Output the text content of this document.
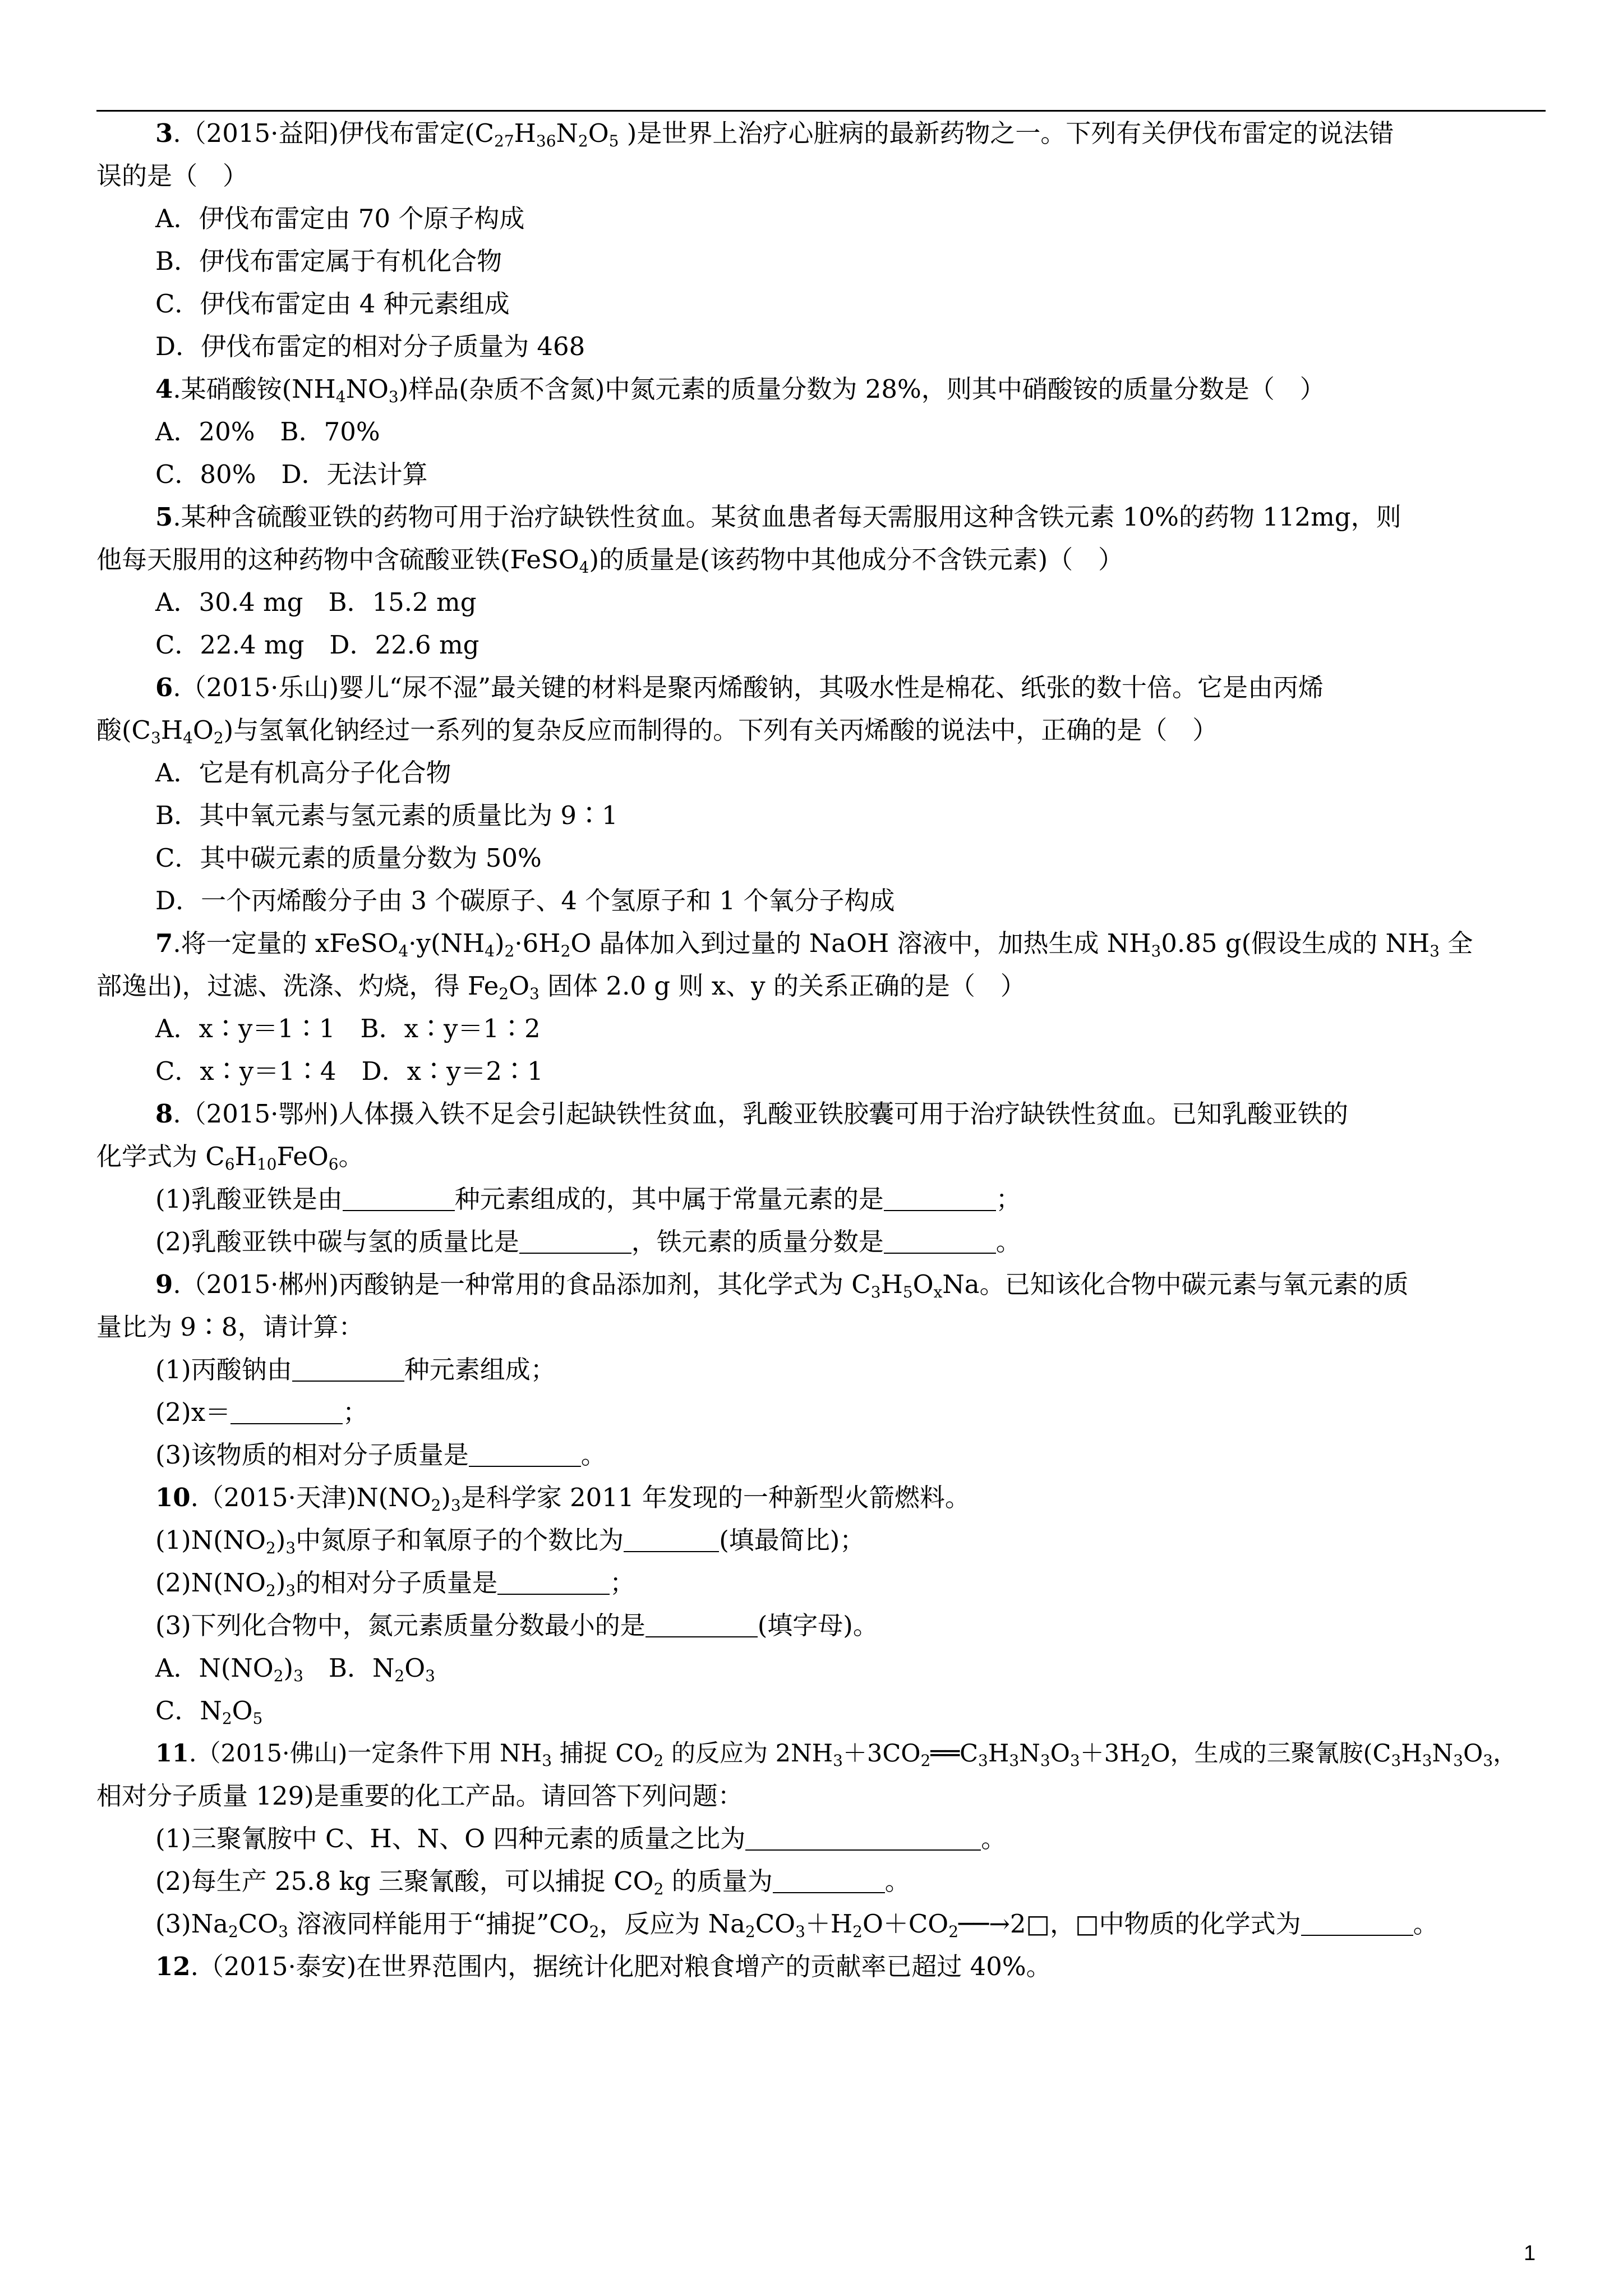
3.（2015·益阳)伊伐布雷定($C_{27}H_{36}N_2O_5$ )是世界上治疗心脏病的最新药物之一。下列有关伊伐布雷定的说法错
误的是（　）
A．伊伐布雷定由 70 个原子构成
B．伊伐布雷定属于有机化合物
C．伊伐布雷定由 4 种元素组成
D．伊伐布雷定的相对分子质量为 468
4.某硝酸铵$(NH_4NO_3)$样品(杂质不含氮)中氮元素的质量分数为 28%，则其中硝酸铵的质量分数是（　）
A．20%　B．70%
C．80%　D．无法计算
5.某种含硫酸亚铁的药物可用于治疗缺铁性贫血。某贫血患者每天需服用这种含铁元素 10%的药物 112mg，则
他每天服用的这种药物中含硫酸亚铁(FeSO$_4$)的质量是(该药物中其他成分不含铁元素)（　）
A．30.4 mg　B．15.2 mg
C．22.4 mg　D．22.6 mg
6.（2015·乐山)婴儿“尿不湿”最关键的材料是聚丙烯酸钠，其吸水性是棉花、纸张的数十倍。它是由丙烯
酸$(C_3H_4O_2)$与氢氧化钠经过一系列的复杂反应而制得的。下列有关丙烯酸的说法中，正确的是（　）
A．它是有机高分子化合物
B．其中氧元素与氢元素的质量比为 9∶1
C．其中碳元素的质量分数为 50%
D．一个丙烯酸分子由 3 个碳原子、4 个氢原子和 1 个氧分子构成
7.将一定量的 $xFeSO_4\cdot y(NH_4)_2\cdot 6H_2O$ 晶体加入到过量的 NaOH 溶液中，加热生成 $NH_30.85$ g(假设生成的 $NH_3$ 全
部逸出)，过滤、洗涤、灼烧，得 $Fe_2O_3$ 固体 2.0 g 则 x、y 的关系正确的是（　）
A．x∶y＝1∶1　B．x∶y＝1∶2
C．x∶y＝1∶4　D．x∶y＝2∶1
8.（2015·鄂州)人体摄入铁不足会引起缺铁性贫血，乳酸亚铁胶囊可用于治疗缺铁性贫血。已知乳酸亚铁的
化学式为 $C_6H_{10}FeO_6$。
(1)乳酸亚铁是由	种元素组成的，其中属于常量元素的是	；
(2)乳酸亚铁中碳与氢的质量比是	，铁元素的质量分数是	。
9.（2015·郴州)丙酸钠是一种常用的食品添加剂，其化学式为 $C_3H_5O_xNa$。已知该化合物中碳元素与氧元素的质
量比为 9∶8，请计算：
(1)丙酸钠由	种元素组成；
(2)x＝	；
(3)该物质的相对分子质量是	。
10.（2015·天津)$N(NO_2)_3$是科学家 2011 年发现的一种新型火箭燃料。
$(1)N(NO_2)_3$中氮原子和氧原子的个数比为	(填最简比)；
$(2)N(NO_2)_3$的相对分子质量是	；
(3)下列化合物中，氮元素质量分数最小的是	(填字母)。
A．$N(NO_2)_3$　B．$N_2O_3$
C．$N_2O_5$
11.（2015·佛山)一定条件下用 $NH_3$ 捕捉 $CO_2$ 的反应为 $2NH_3+3CO_2══C_3H_3N_3O_3+3H_2O$，生成的三聚氰胺($C_3H_3N_3O_3$，
相对分子质量 129)是重要的化工产品。请回答下列问题：
(1)三聚氰胺中 C、H、N、O 四种元素的质量之比为	。
(2)每生产 25.8 kg 三聚氰酸，可以捕捉 $CO_2$ 的质量为	。
$(3)Na_2CO_3$ 溶液同样能用于“捕捉$”CO_2$，反应为 $Na_2CO_3+H_2O+CO_2──\to 2□$，□中物质的化学式为	。
12.（2015·泰安)在世界范围内，据统计化肥对粮食增产的贡献率已超过 40%。
1
